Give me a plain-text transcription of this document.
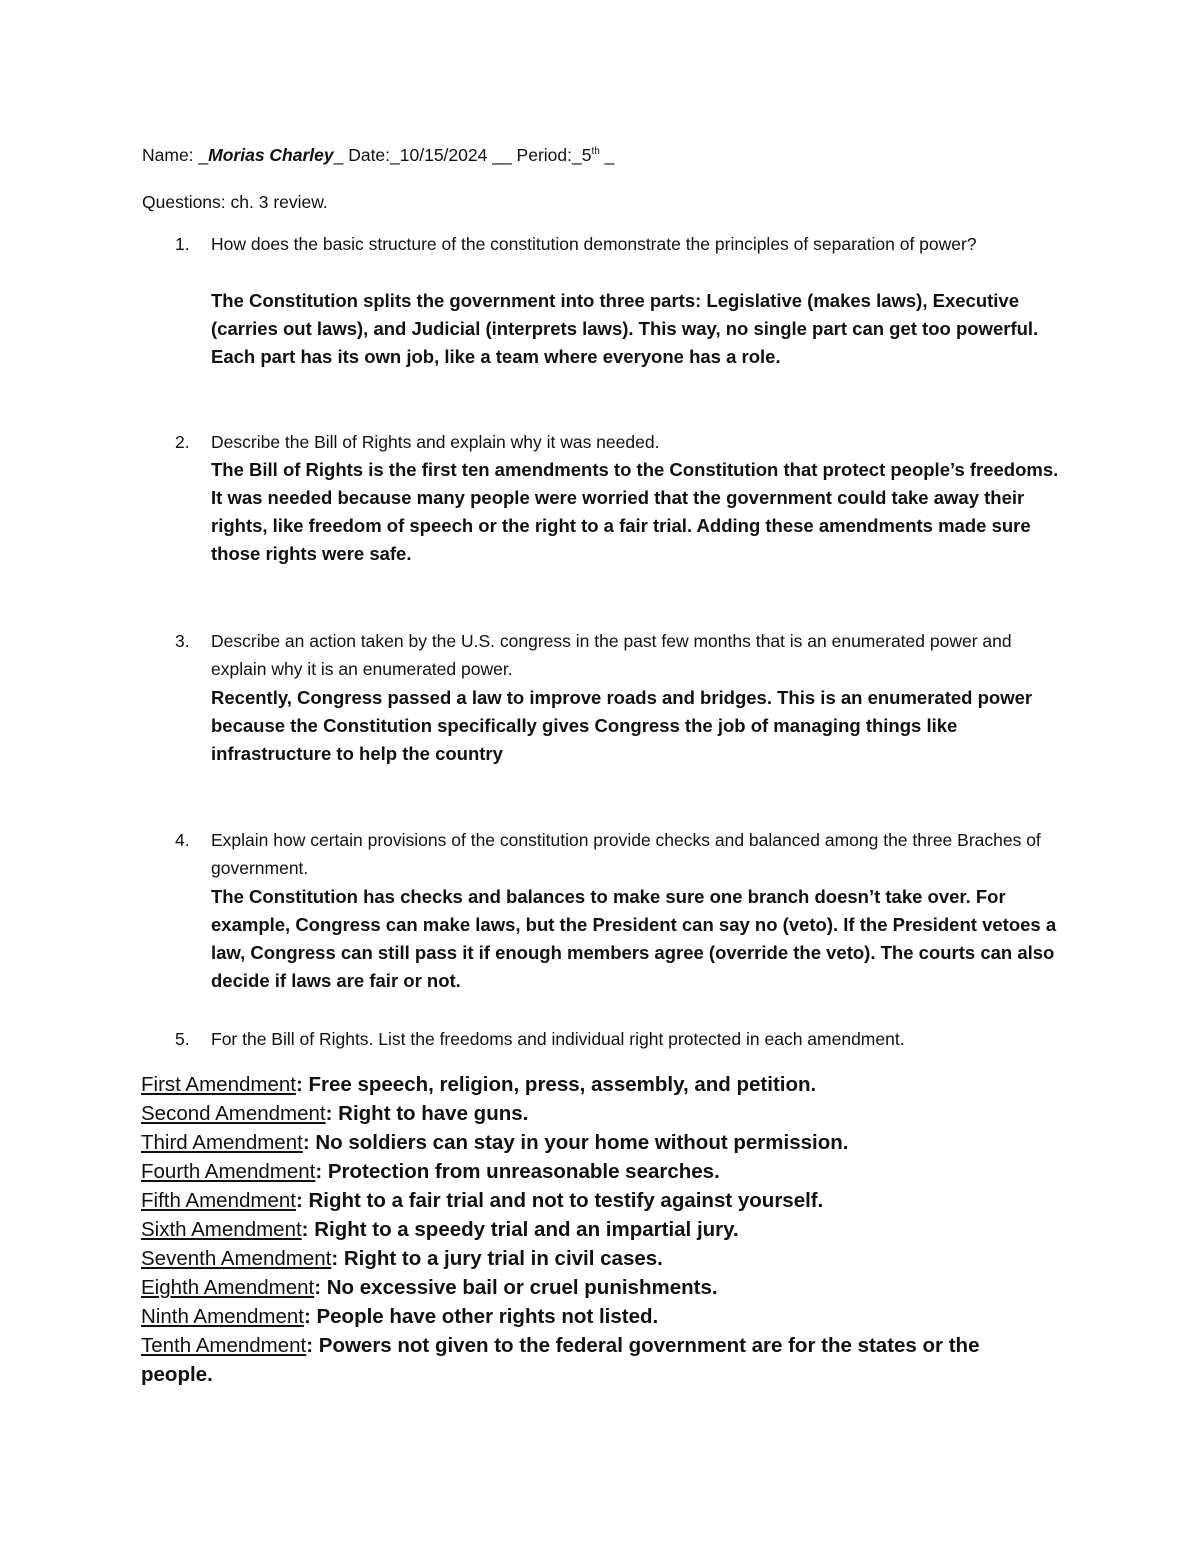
Name: _Morias Charley_ Date:_10/15/2024 __ Period:_5th _
Questions: ch. 3 review.
1. How does the basic structure of the constitution demonstrate the principles of separation of power?
The Constitution splits the government into three parts: Legislative (makes laws), Executive (carries out laws), and Judicial (interprets laws). This way, no single part can get too powerful. Each part has its own job, like a team where everyone has a role.
2. Describe the Bill of Rights and explain why it was needed.
The Bill of Rights is the first ten amendments to the Constitution that protect people’s freedoms. It was needed because many people were worried that the government could take away their rights, like freedom of speech or the right to a fair trial. Adding these amendments made sure those rights were safe.
3. Describe an action taken by the U.S. congress in the past few months that is an enumerated power and explain why it is an enumerated power.
Recently, Congress passed a law to improve roads and bridges. This is an enumerated power because the Constitution specifically gives Congress the job of managing things like infrastructure to help the country
4. Explain how certain provisions of the constitution provide checks and balanced among the three Braches of government.
The Constitution has checks and balances to make sure one branch doesn’t take over. For example, Congress can make laws, but the President can say no (veto). If the President vetoes a law, Congress can still pass it if enough members agree (override the veto). The courts can also decide if laws are fair or not.
5. For the Bill of Rights. List the freedoms and individual right protected in each amendment.

First Amendment: Free speech, religion, press, assembly, and petition.

Second Amendment: Right to have guns.

Third Amendment: No soldiers can stay in your home without permission.

Fourth Amendment: Protection from unreasonable searches.

Fifth Amendment: Right to a fair trial and not to testify against yourself.

Sixth Amendment: Right to a speedy trial and an impartial jury.

Seventh Amendment: Right to a jury trial in civil cases.

Eighth Amendment: No excessive bail or cruel punishments.

Ninth Amendment: People have other rights not listed.

Tenth Amendment: Powers not given to the federal government are for the states or the people.
